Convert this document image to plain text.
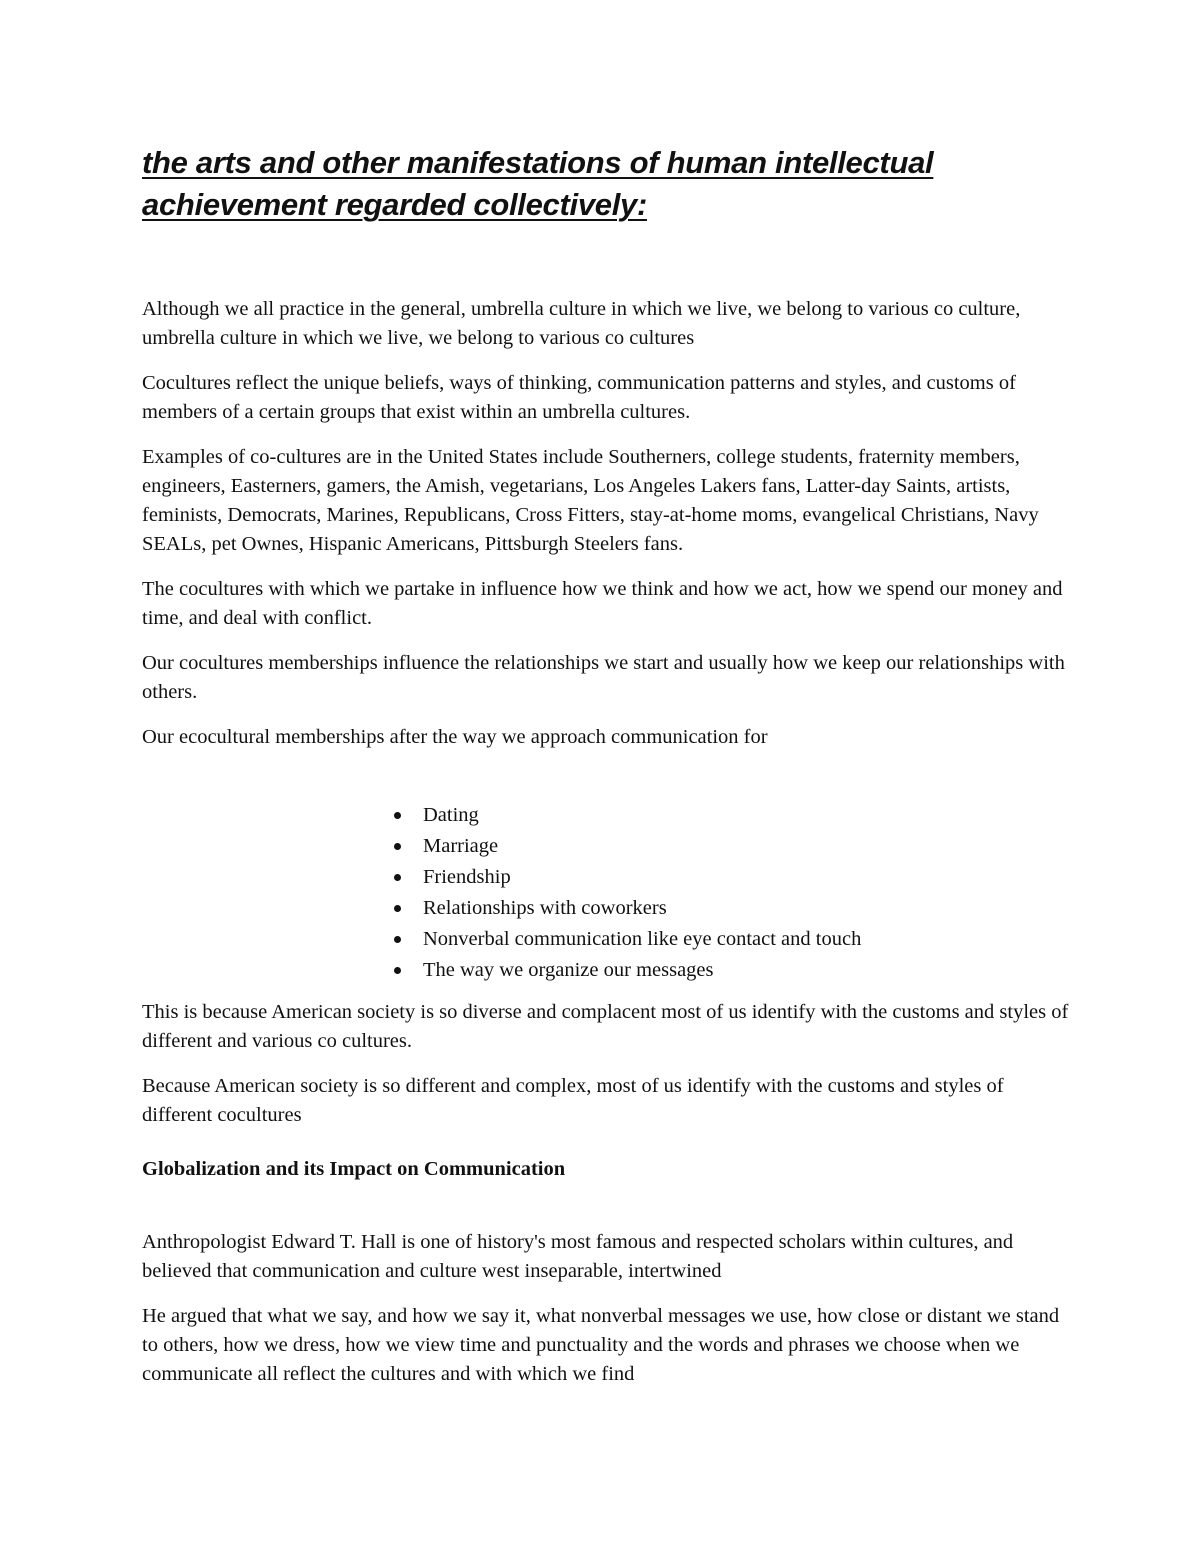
the arts and other manifestations of human intellectual achievement regarded collectively:

Although we all practice in the general, umbrella culture in which we live, we belong to various co culture, umbrella culture in which we live, we belong to various co cultures

Cocultures reflect the unique beliefs, ways of thinking, communication patterns and styles, and customs of members of a certain groups that exist within an umbrella cultures.

Examples of co-cultures are in the United States include Southerners, college students, fraternity members, engineers, Easterners, gamers, the Amish, vegetarians, Los Angeles Lakers fans, Latter-day Saints, artists, feminists, Democrats, Marines, Republicans, Cross Fitters, stay-at-home moms, evangelical Christians, Navy SEALs, pet Ownes, Hispanic Americans, Pittsburgh Steelers fans.

The cocultures with which we partake in influence how we think and how we act, how we spend our money and time, and deal with conflict.

Our cocultures memberships influence the relationships we start and usually how we keep our relationships with others.

Our ecocultural memberships after the way we approach communication for

Dating
Marriage
Friendship
Relationships with coworkers
Nonverbal communication like eye contact and touch
The way we organize our messages

This is because American society is so diverse and complacent most of us identify with the customs and styles of different and various co cultures.

Because American society is so different and complex, most of us identify with the customs and styles of different cocultures

Globalization and its Impact on Communication

Anthropologist Edward T. Hall is one of history's most famous and respected scholars within cultures, and believed that communication and culture west inseparable, intertwined

He argued that what we say, and how we say it, what nonverbal messages we use, how close or distant we stand to others, how we dress, how we view time and punctuality and the words and phrases we choose when we communicate all reflect the cultures and with which we find
